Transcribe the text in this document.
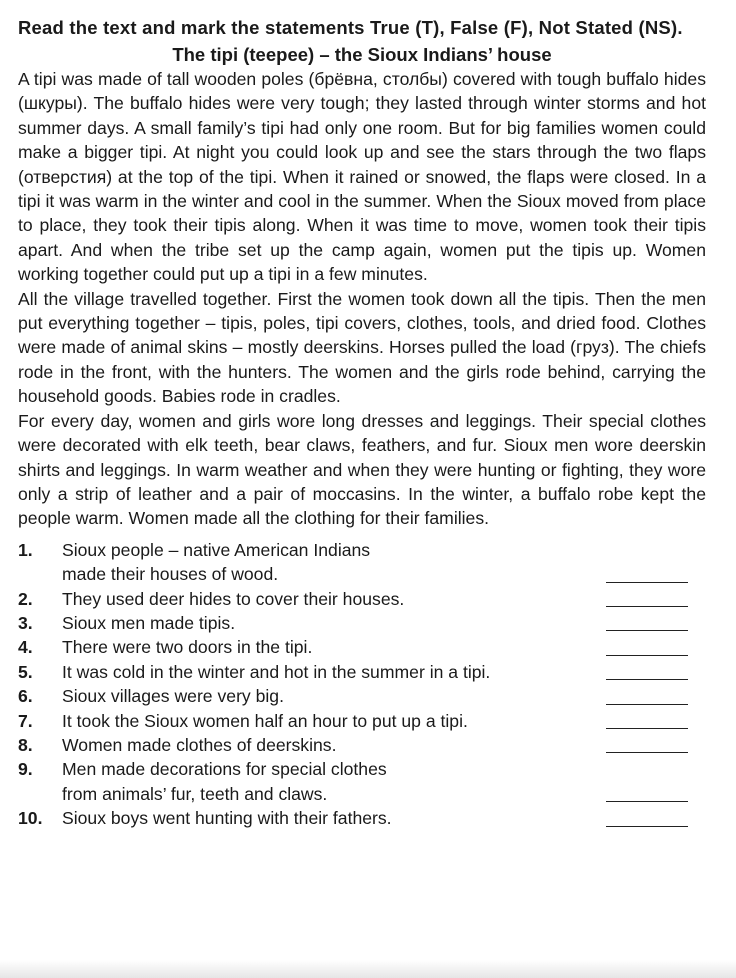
Read the text and mark the statements True (T), False (F), Not Stated (NS).

The tipi (teepee) – the Sioux Indians’ house

A tipi was made of tall wooden poles (брёвна, столбы) covered with tough buffalo hides (шкуры). The buffalo hides were very tough; they lasted through winter storms and hot summer days. A small family’s tipi had only one room. But for big families women could make a bigger tipi. At night you could look up and see the stars through the two flaps (отверстия) at the top of the tipi. When it rained or snowed, the flaps were closed. In a tipi it was warm in the winter and cool in the summer. When the Sioux moved from place to place, they took their tipis along. When it was time to move, women took their tipis apart. And when the tribe set up the camp again, women put the tipis up. Women working together could put up a tipi in a few minutes.

All the village travelled together. First the women took down all the tipis. Then the men put everything together – tipis, poles, tipi covers, clothes, tools, and dried food. Clothes were made of animal skins – mostly deerskins. Horses pulled the load (груз). The chiefs rode in the front, with the hunters. The women and the girls rode behind, carrying the household goods. Babies rode in cradles.

For every day, women and girls wore long dresses and leggings. Their special clothes were decorated with elk teeth, bear claws, feathers, and fur. Sioux men wore deerskin shirts and leggings. In warm weather and when they were hunting or fighting, they wore only a strip of leather and a pair of moccasins. In the winter, a buffalo robe kept the people warm. Women made all the clothing for their families.

1.	Sioux people – native American Indians
made their houses of wood.
2.	They used deer hides to cover their houses.
3.	Sioux men made tipis.
4.	There were two doors in the tipi.
5.	It was cold in the winter and hot in the summer in a tipi.
6.	Sioux villages were very big.
7.	It took the Sioux women half an hour to put up a tipi.
8.	Women made clothes of deerskins.
9.	Men made decorations for special clothes
from animals’ fur, teeth and claws.
10.	Sioux boys went hunting with their fathers.
